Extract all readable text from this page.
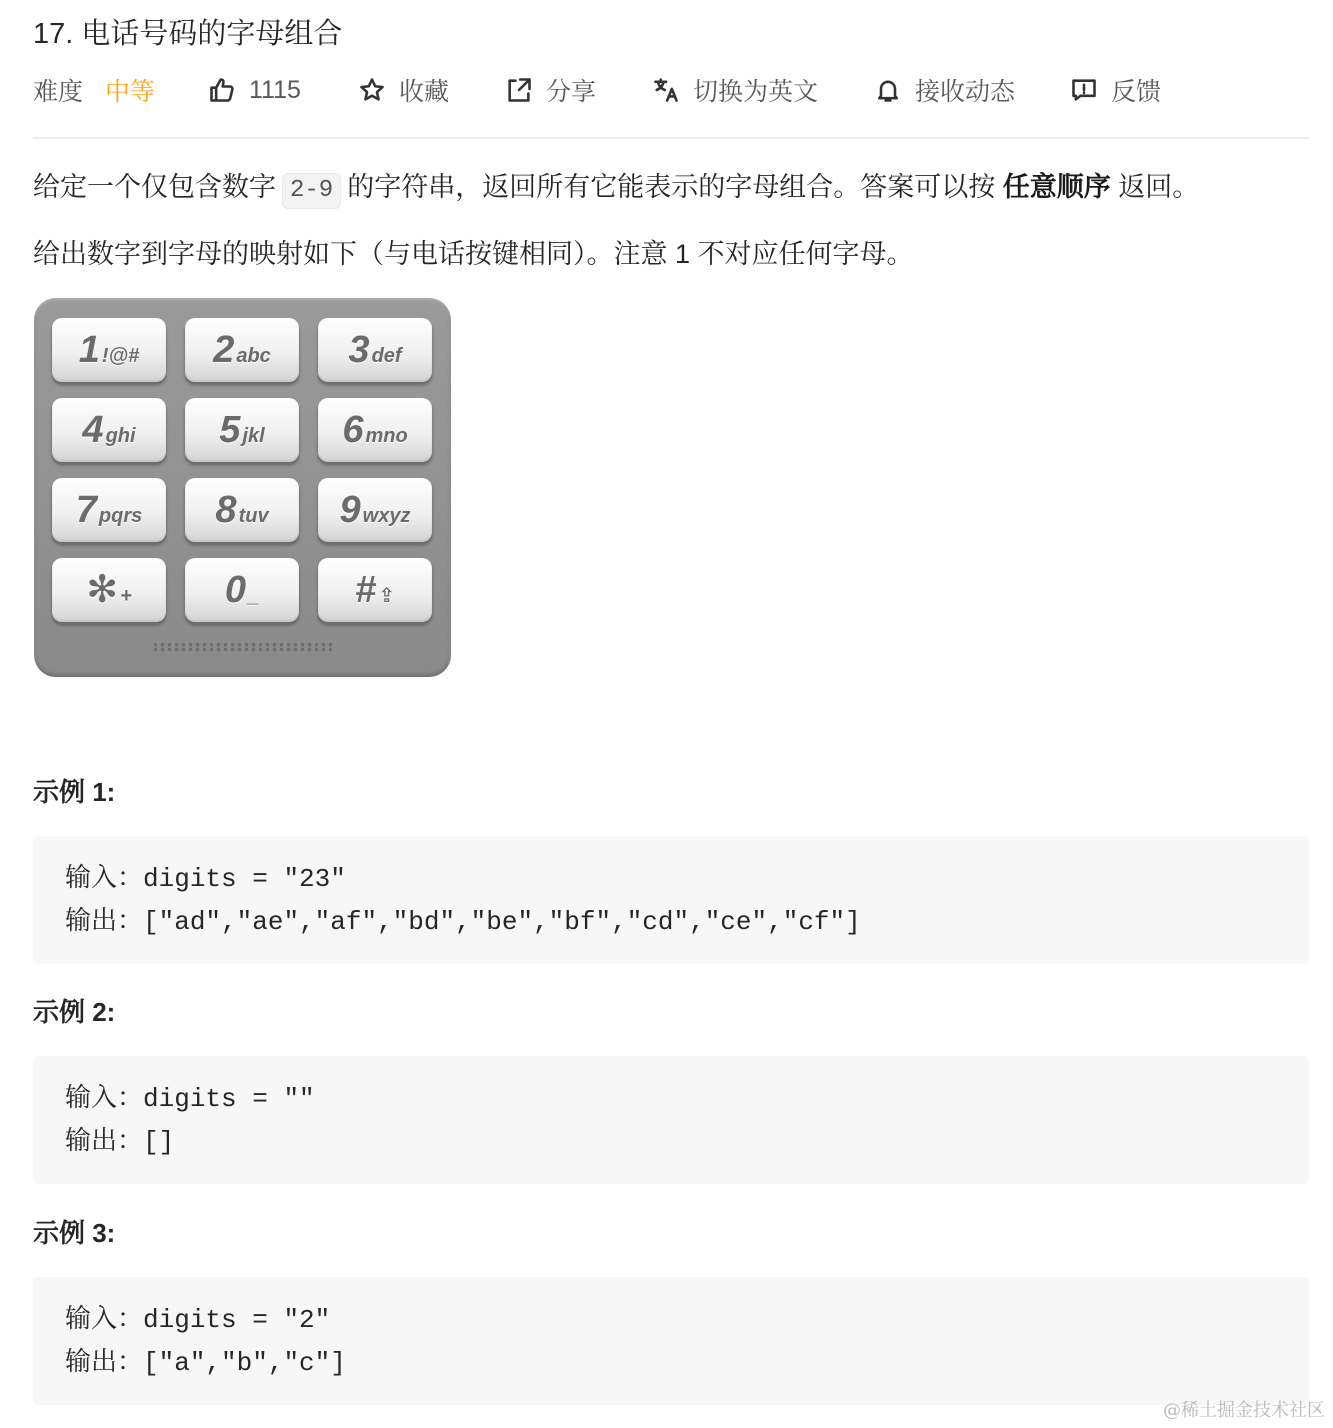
17. 电话号码的字母组合
难度 中等	1115	收藏	分享	切换为英文	接收动态	反馈
给定一个仅包含数字 2-9 的字符串，返回所有它能表示的字母组合。答案可以按 任意顺序 返回。
给出数字到字母的映射如下（与电话按键相同）。注意 1 不对应任何字母。
1 !@# 2 abc 3 def
4 ghi 5 jkl 6 mno
7 pqrs 8 tuv 9 wxyz
✻ + 0 _	# ⇪
示例 1:
输入：digits = "23"
输出：["ad","ae","af","bd","be","bf","cd","ce","cf"]
示例 2:
输入：digits = ""
输出：[]
示例 3:
输入：digits = "2"
输出：["a","b","c"]
@稀土掘金技术社区
